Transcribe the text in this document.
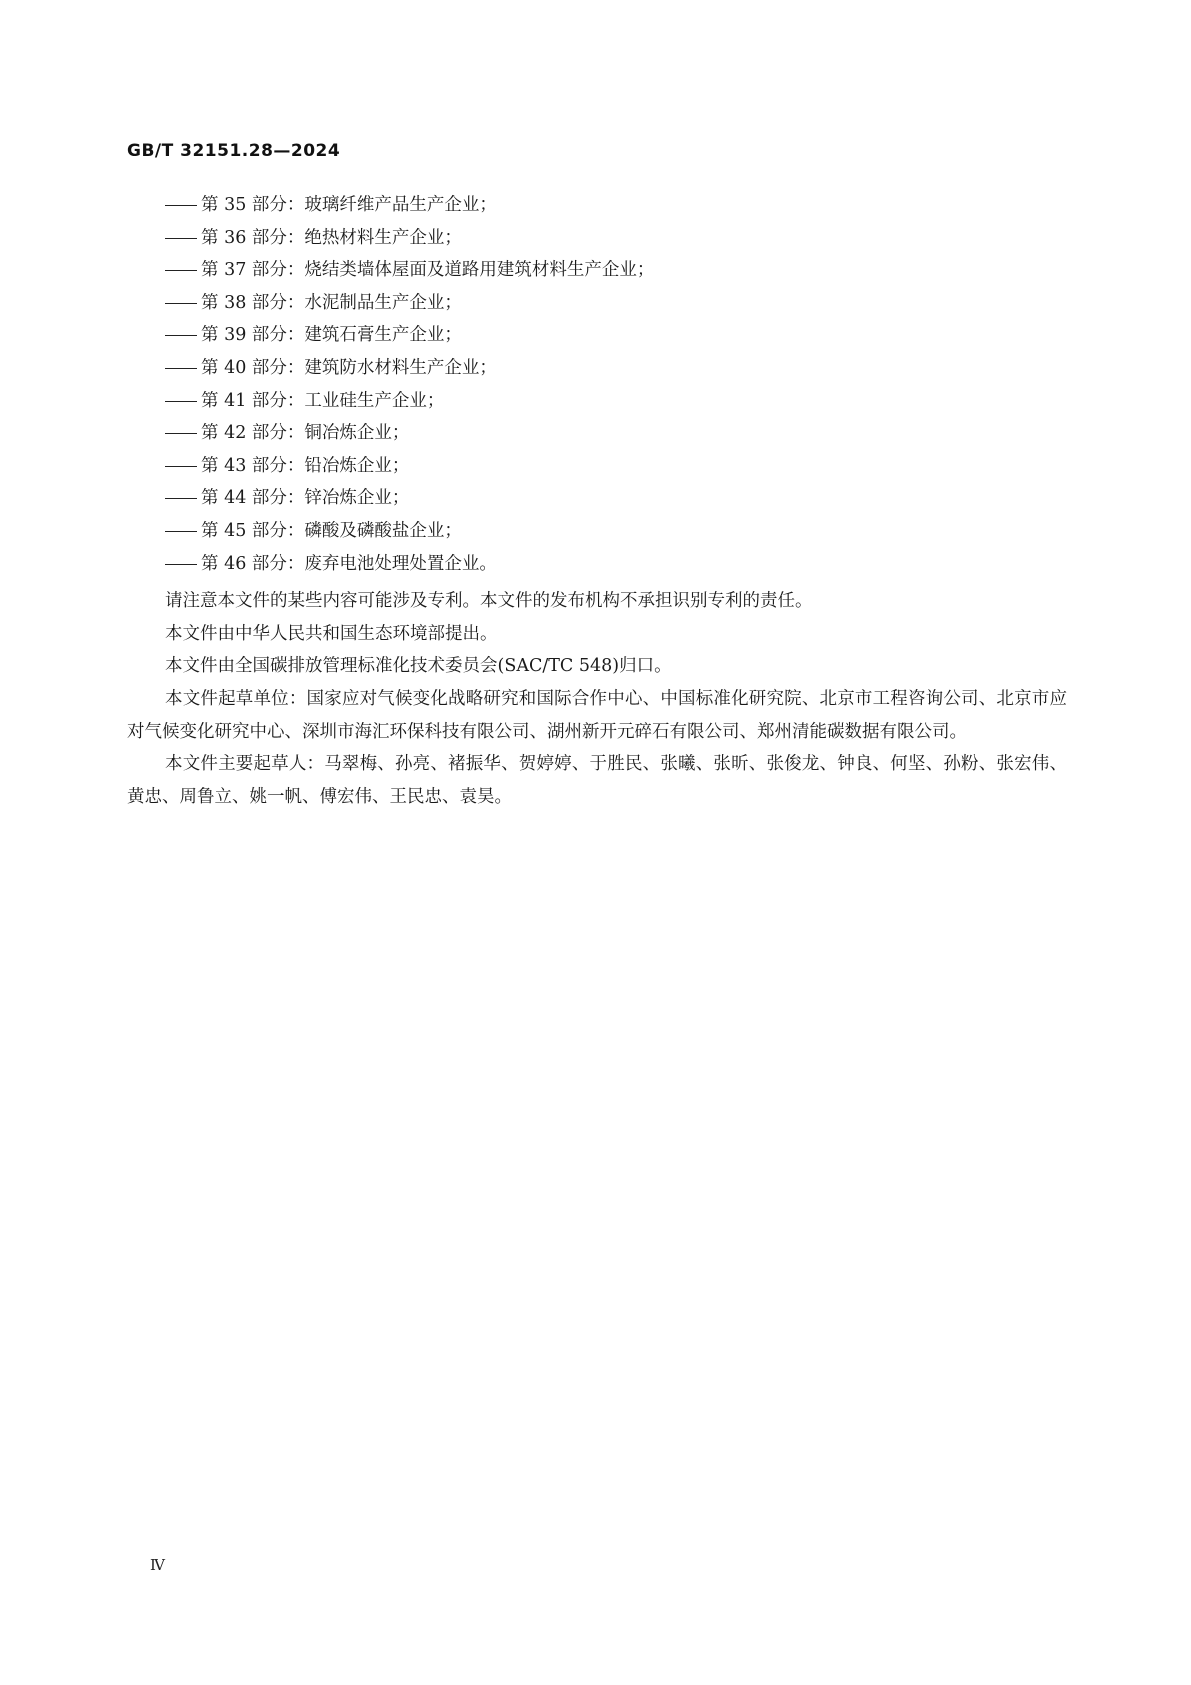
GB/T 32151.28—2024
第 35 部分：玻璃纤维产品生产企业；
第 36 部分：绝热材料生产企业；
第 37 部分：烧结类墙体屋面及道路用建筑材料生产企业；
第 38 部分：水泥制品生产企业；
第 39 部分：建筑石膏生产企业；
第 40 部分：建筑防水材料生产企业；
第 41 部分：工业硅生产企业；
第 42 部分：铜冶炼企业；
第 43 部分：铅冶炼企业；
第 44 部分：锌冶炼企业；
第 45 部分：磷酸及磷酸盐企业；
第 46 部分：废弃电池处理处置企业。

请注意本文件的某些内容可能涉及专利。本文件的发布机构不承担识别专利的责任。

本文件由中华人民共和国生态环境部提出。

本文件由全国碳排放管理标准化技术委员会(SAC/TC 548)归口。

本文件起草单位：国家应对气候变化战略研究和国际合作中心、中国标准化研究院、北京市工程咨询公司、北京市应对气候变化研究中心、深圳市海汇环保科技有限公司、湖州新开元碎石有限公司、郑州清能碳数据有限公司。

本文件主要起草人：马翠梅、孙亮、褚振华、贺婷婷、于胜民、张曦、张昕、张俊龙、钟良、何坚、孙粉、张宏伟、黄忠、周鲁立、姚一帆、傅宏伟、王民忠、袁昊。

Ⅳ
